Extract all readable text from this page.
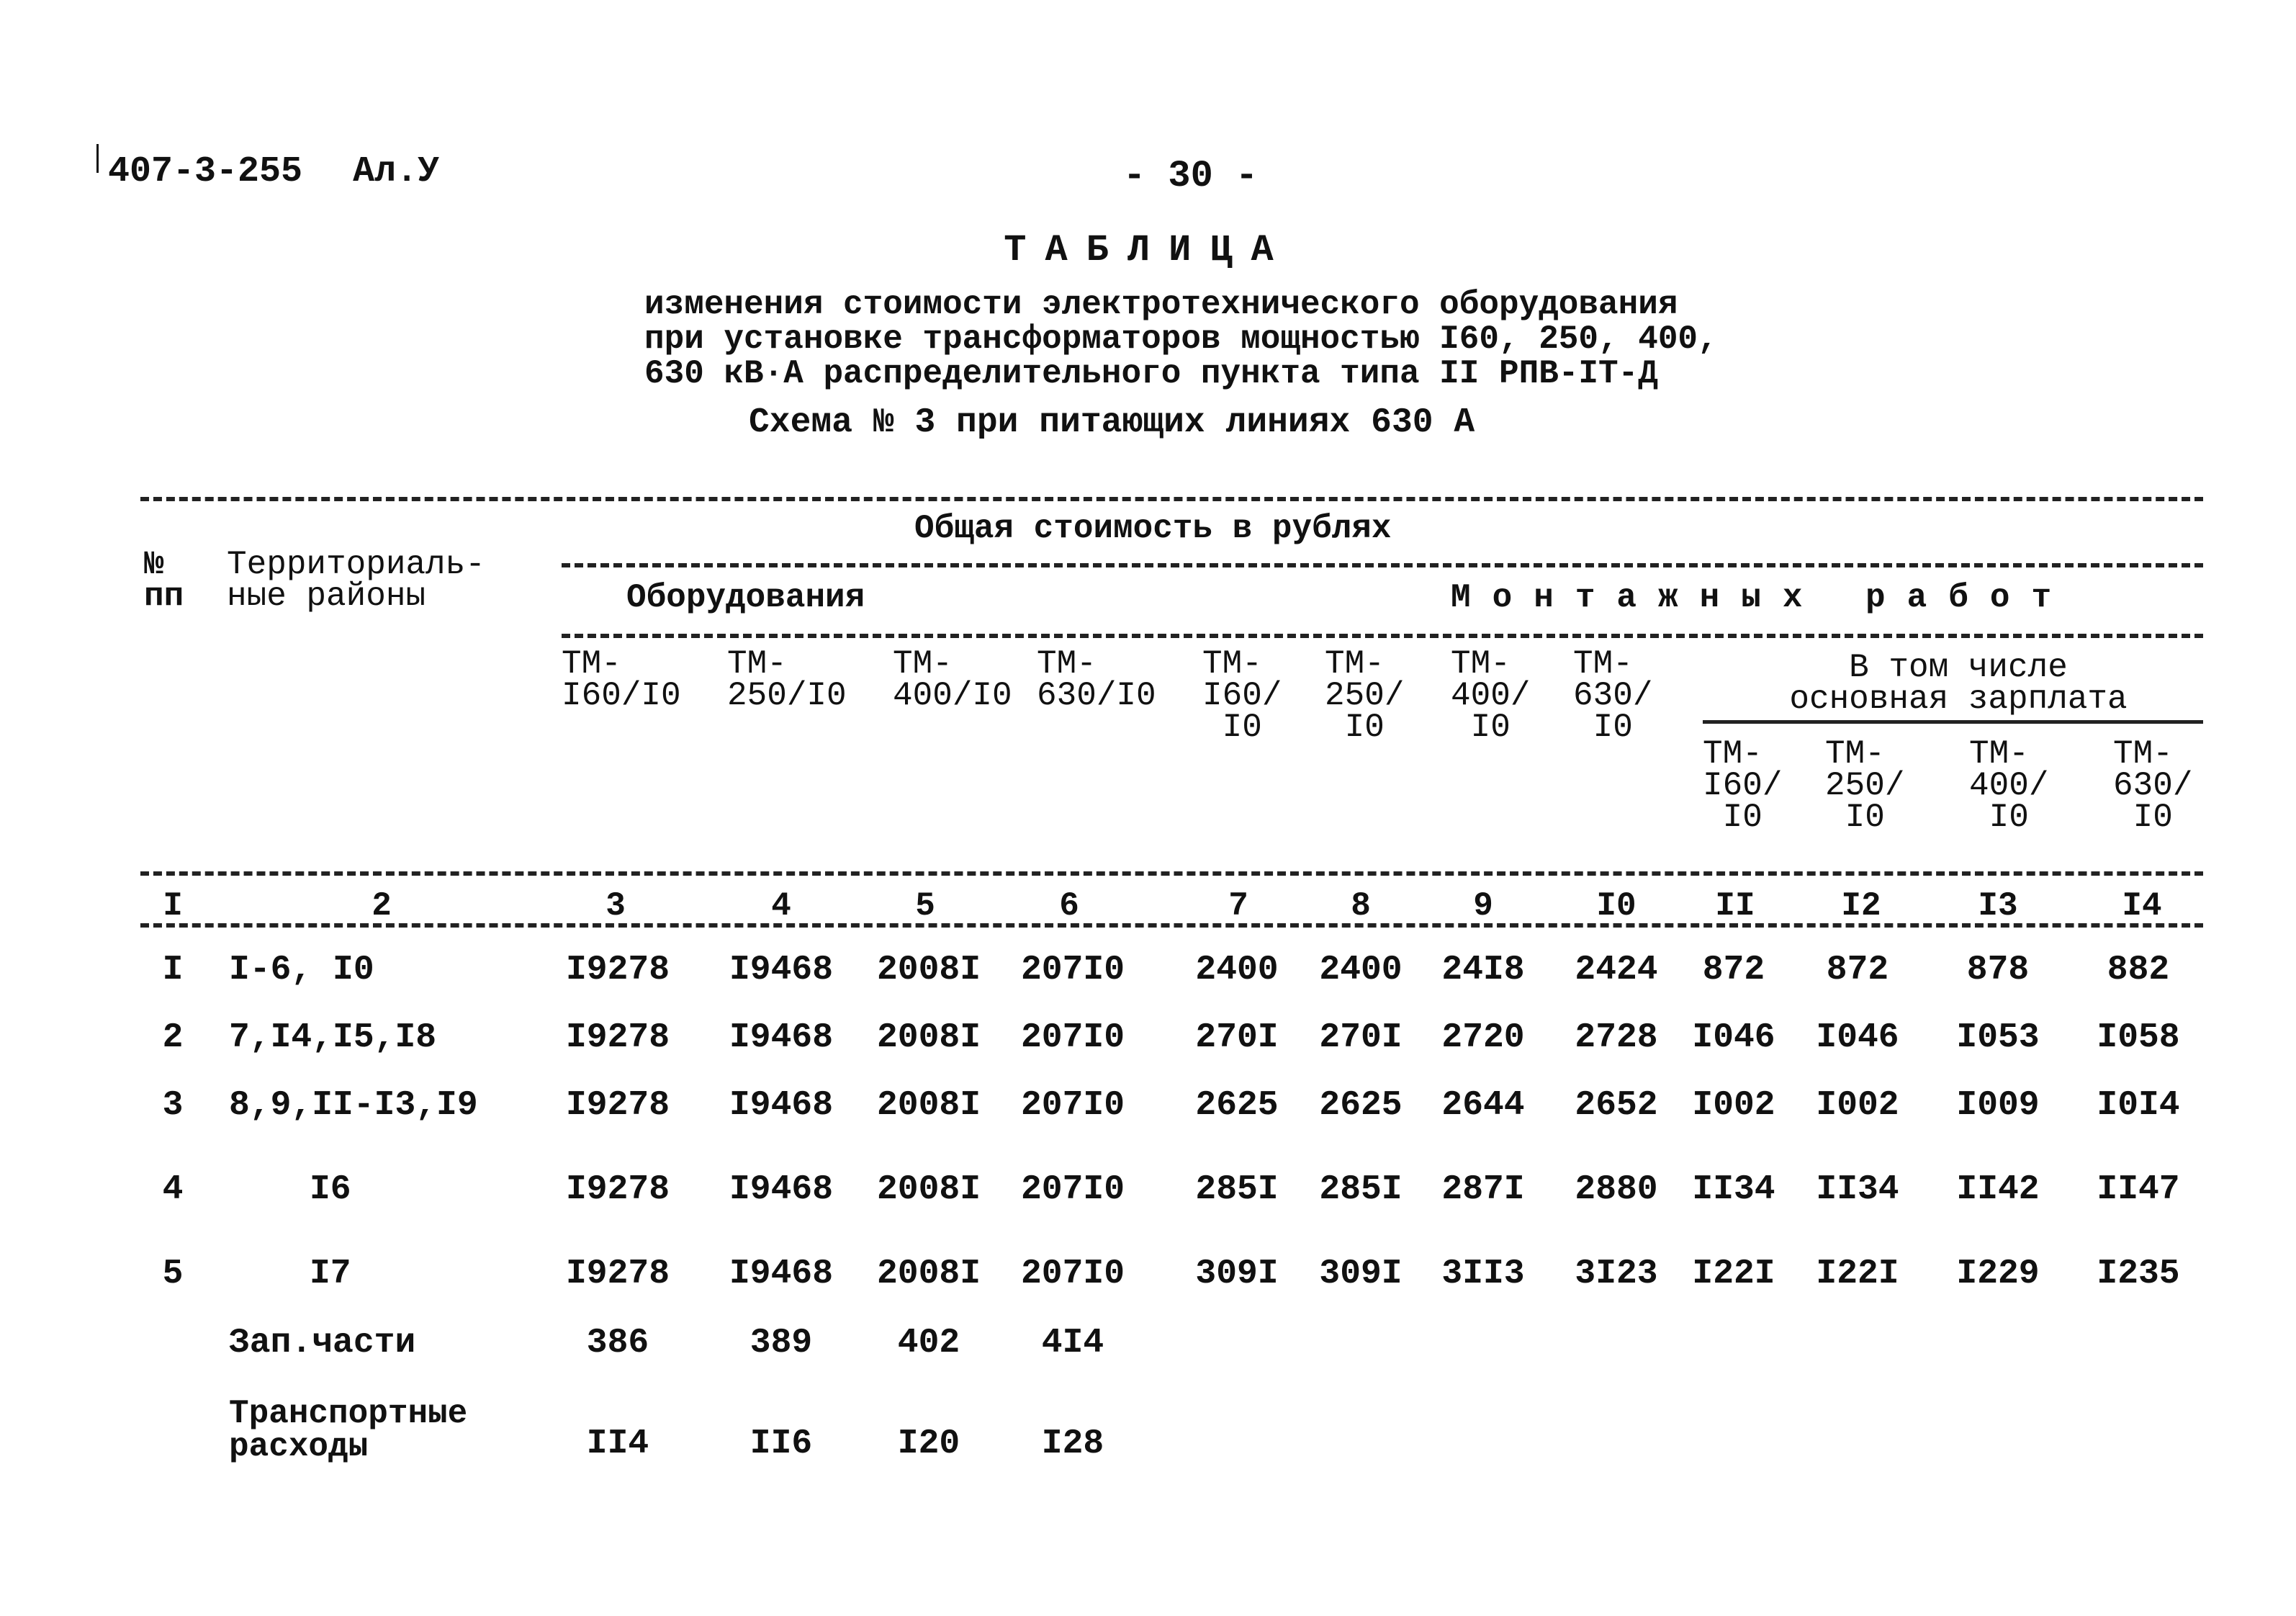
407-3-255 Ал.У	- 30 -
ТАБЛИЦА
изменения стоимости электротехнического оборудования
при установке трансформаторов мощностью I60, 250, 400,
630 кВ·А распределительного пункта типа II РПВ-IТ-Д
Схема № 3 при питающих линиях 630 А
№
пп
Территориаль-
ные районы
Общая стоимость в рублях
Оборудования	Монтажных работ
В том числе
основная зарплата
ТМ-
I60/I0
ТМ-
250/I0
ТМ-
400/I0
ТМ-
630/I0
ТМ-
I60/
I0
ТМ-
250/
I0
ТМ-
400/
I0
ТМ-
630/
I0
ТМ-
I60/
I0
ТМ-
250/
I0
ТМ-
400/
I0
ТМ-
630/
I0
I	2	3	4	5	6	7	8	9	I0	II	I2	I3	I4
I	I-6, I0	I9278 I9468 2008I 207I0	2400	2400	24I8	2424	872	872	878	882
2	7,I4,I5,I8	I9278 I9468 2008I 207I0	270I	270I	2720	2728 I046	I046	I053	I058
3	8,9,II-I3,I9	I9278 I9468 2008I 207I0	2625	2625	2644	2652 I002	I002	I009	I0I4
4	I6	I9278 I9468 2008I 207I0	285I	285I	287I	2880 II34	II34	II42	II47
5	I7	I9278 I9468 2008I 207I0	309I	309I	3II3	3I23 I22I	I22I	I229	I235
Зап.части	386	389	402	4I4
Транспортные
расходы	II4	II6	I20	I28
